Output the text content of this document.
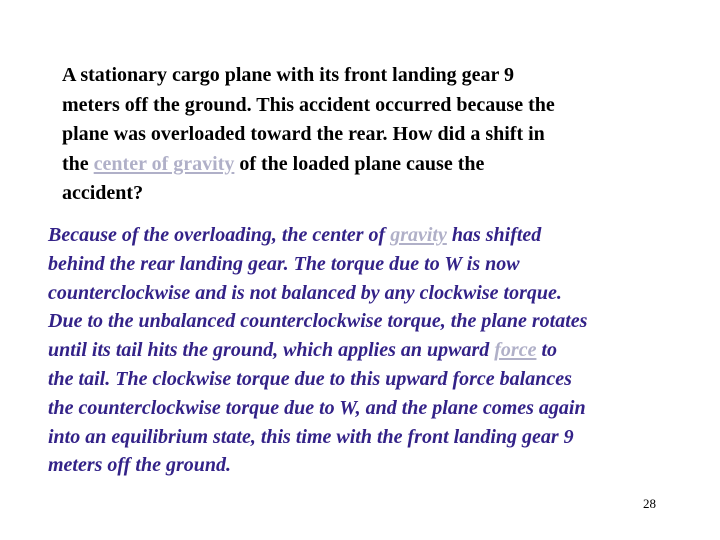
A stationary cargo plane with its front landing gear 9
meters off the ground. This accident occurred because the
plane was overloaded toward the rear. How did a shift in
the center of gravity of the loaded plane cause the
accident?
Because of the overloading, the center of gravity has shifted
behind the rear landing gear. The torque due to W is now
counterclockwise and is not balanced by any clockwise torque.
Due to the unbalanced counterclockwise torque, the plane rotates
until its tail hits the ground, which applies an upward force to
the tail. The clockwise torque due to this upward force balances
the counterclockwise torque due to W, and the plane comes again
into an equilibrium state, this time with the front landing gear 9
meters off the ground.
28
